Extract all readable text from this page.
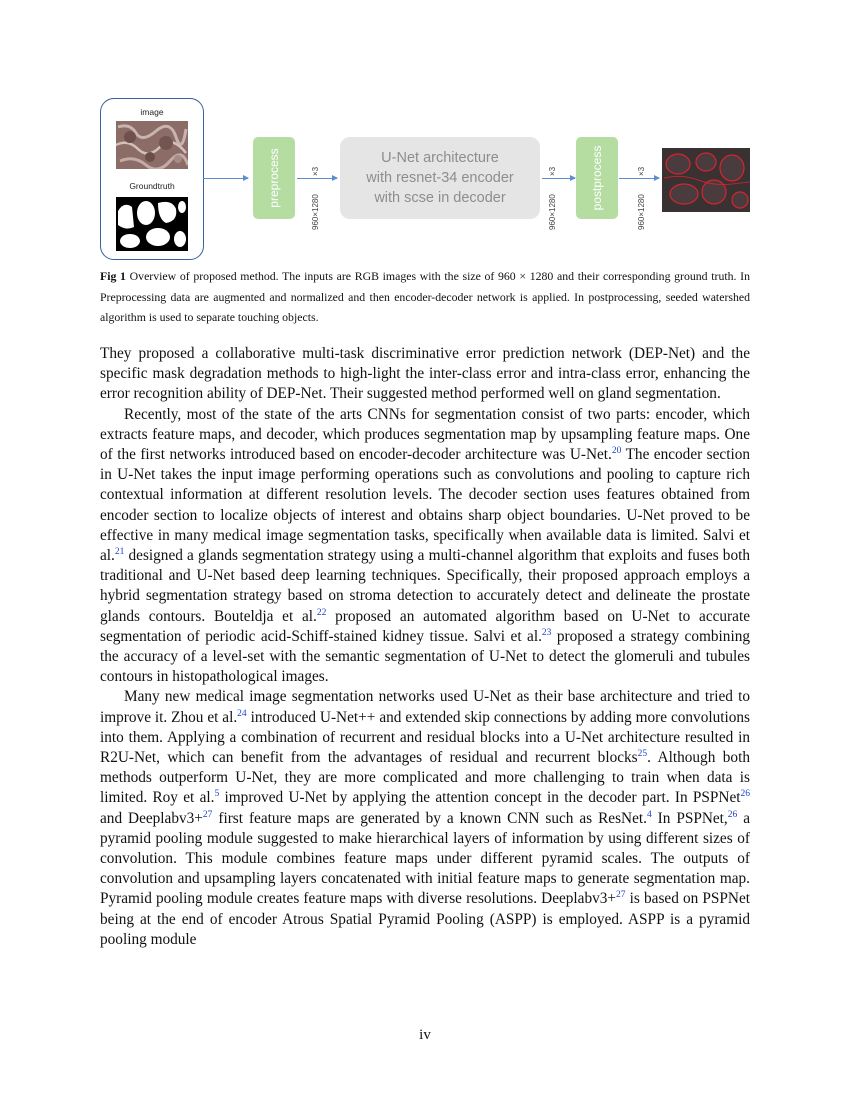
image
Groundtruth	preprocess	×3
960×1280
U-Net architecture
with resnet-34 encoder
with scse in decoder
×3
960×1280
postprocess	×3
960×1280
Fig 1 Overview of proposed method. The inputs are RGB images with the size of 960 × 1280 and their corresponding ground truth. In Preprocessing data are augmented and normalized and then encoder-decoder network is applied. In postprocessing, seeded watershed algorithm is used to separate touching objects.

They proposed a collaborative multi-task discriminative error prediction network (DEP-Net) and the specific mask degradation methods to high-light the inter-class error and intra-class error, enhancing the error recognition ability of DEP-Net. Their suggested method performed well on gland segmentation.

Recently, most of the state of the arts CNNs for segmentation consist of two parts: encoder, which extracts feature maps, and decoder, which produces segmentation map by upsampling feature maps. One of the first networks introduced based on encoder-decoder architecture was U-Net.$^{20}$ The encoder section in U-Net takes the input image performing operations such as convolutions and pooling to capture rich contextual information at different resolution levels. The decoder section uses features obtained from encoder section to localize objects of interest and obtains sharp object boundaries. U-Net proved to be effective in many medical image segmentation tasks, specifically when available data is limited. Salvi et al.$^{21}$ designed a glands segmentation strategy using a multi-channel algorithm that exploits and fuses both traditional and U-Net based deep learning techniques. Specifically, their proposed approach employs a hybrid segmentation strategy based on stroma detection to accurately detect and delineate the prostate glands contours. Bouteldja et al.$^{22}$ proposed an automated algorithm based on U-Net to accurate segmentation of periodic acid-Schiff-stained kidney tissue. Salvi et al.$^{23}$ proposed a strategy combining the accuracy of a level-set with the semantic segmentation of U-Net to detect the glomeruli and tubules contours in histopathological images.

Many new medical image segmentation networks used U-Net as their base architecture and tried to improve it. Zhou et al.$^{24}$ introduced U-Net++ and extended skip connections by adding more convolutions into them. Applying a combination of recurrent and residual blocks into a U-Net architecture resulted in R2U-Net, which can benefit from the advantages of residual and recurrent blocks$^{25}$. Although both methods outperform U-Net, they are more complicated and more challenging to train when data is limited. Roy et al.$^5$ improved U-Net by applying the attention concept in the decoder part. In PSPNet$^{26}$ and Deeplabv3+$^{27}$ first feature maps are generated by a known CNN such as ResNet.$^4$ In PSPNet,$^{26}$ a pyramid pooling module suggested to make hierarchical layers of information by using different sizes of convolution. This module combines feature maps under different pyramid scales. The outputs of convolution and upsampling layers concatenated with initial feature maps to generate segmentation map. Pyramid pooling module creates feature maps with diverse resolutions. Deeplabv3+$^{27}$ is based on PSPNet being at the end of encoder Atrous Spatial Pyramid Pooling (ASPP) is employed. ASPP is a pyramid pooling module

iv
